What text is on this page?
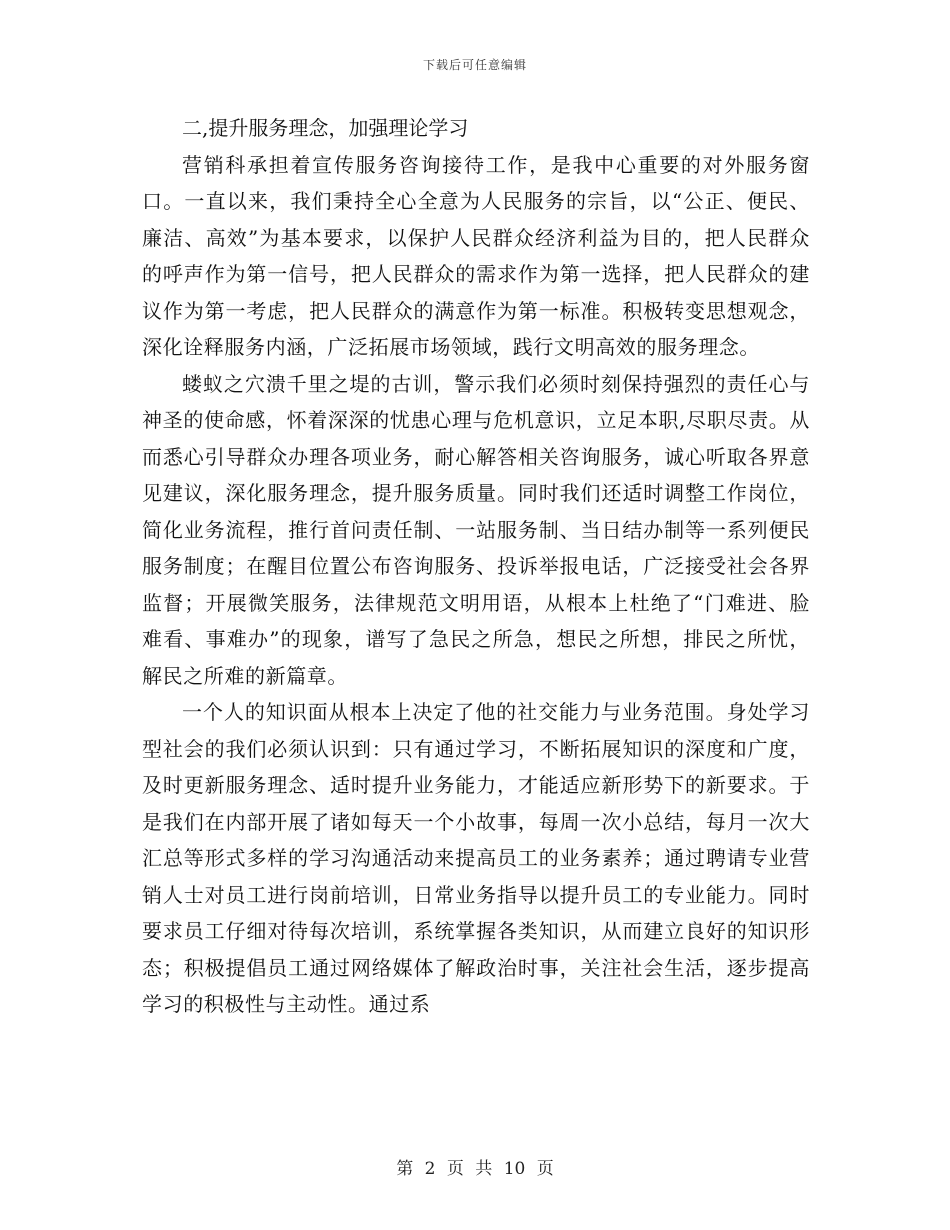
下载后可任意编辑

二,提升服务理念，加强理论学习

营销科承担着宣传服务咨询接待工作，是我中心重要的对外服务窗口。一直以来，我们秉持全心全意为人民服务的宗旨，以“公正、便民、廉洁、高效”为基本要求，以保护人民群众经济利益为目的，把人民群众的呼声作为第一信号，把人民群众的需求作为第一选择，把人民群众的建议作为第一考虑，把人民群众的满意作为第一标准。积极转变思想观念，深化诠释服务内涵，广泛拓展市场领域，践行文明高效的服务理念。

蝼蚁之穴溃千里之堤的古训，警示我们必须时刻保持强烈的责任心与神圣的使命感，怀着深深的忧患心理与危机意识，立足本职,尽职尽责。从而悉心引导群众办理各项业务，耐心解答相关咨询服务，诚心听取各界意见建议，深化服务理念，提升服务质量。同时我们还适时调整工作岗位，简化业务流程，推行首问责任制、一站服务制、当日结办制等一系列便民服务制度；在醒目位置公布咨询服务、投诉举报电话，广泛接受社会各界监督；开展微笑服务，法律规范文明用语，从根本上杜绝了“门难进、脸难看、事难办”的现象，谱写了急民之所急，想民之所想，排民之所忧，解民之所难的新篇章。

一个人的知识面从根本上决定了他的社交能力与业务范围。身处学习型社会的我们必须认识到：只有通过学习，不断拓展知识的深度和广度，及时更新服务理念、适时提升业务能力，才能适应新形势下的新要求。于是我们在内部开展了诸如每天一个小故事，每周一次小总结，每月一次大汇总等形式多样的学习沟通活动来提高员工的业务素养；通过聘请专业营销人士对员工进行岗前培训，日常业务指导以提升员工的专业能力。同时要求员工仔细对待每次培训，系统掌握各类知识，从而建立良好的知识形态；积极提倡员工通过网络媒体了解政治时事，关注社会生活，逐步提高学习的积极性与主动性。通过系

第 2 页 共 10 页
